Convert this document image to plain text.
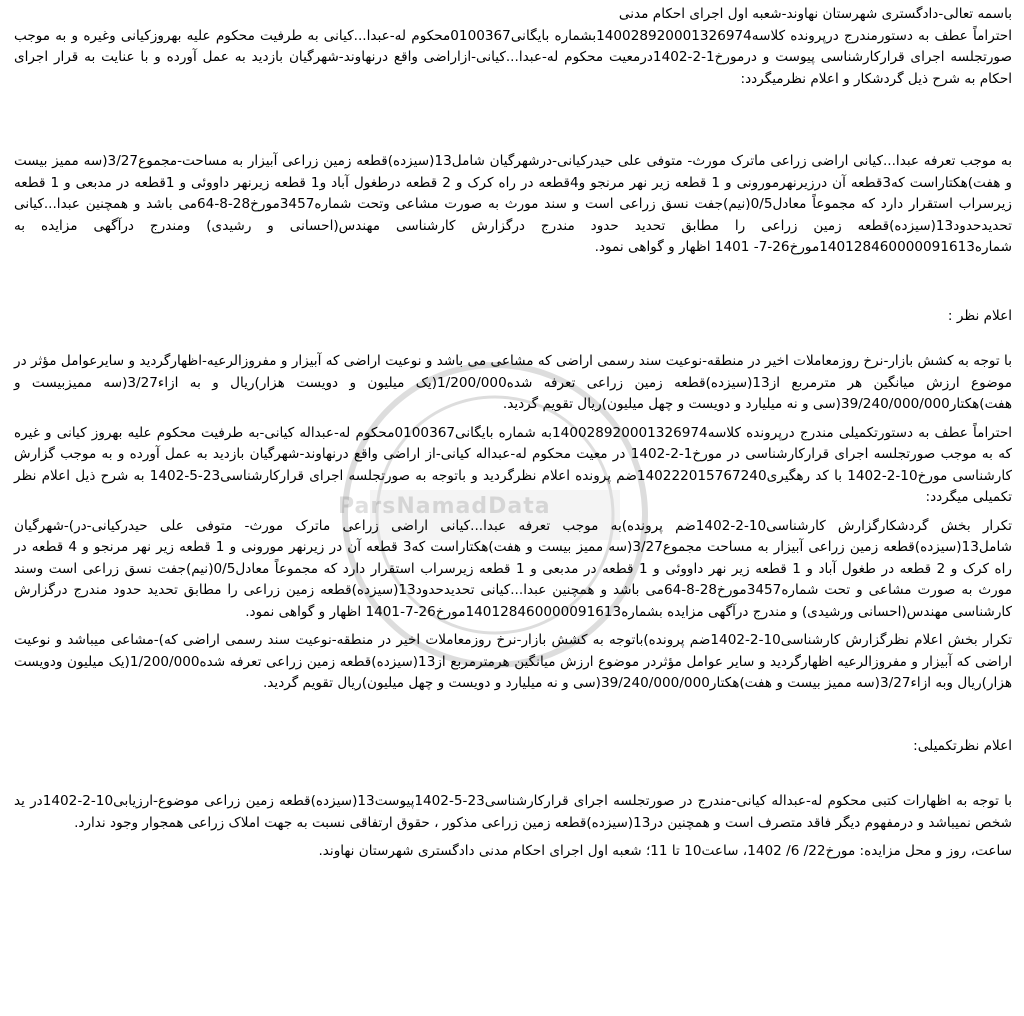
باسمه تعالی-دادگستری شهرستان نهاوند-شعبه اول اجرای احکام مدنی

احتراماً عطف به دستورمندرج درپرونده کلاسه140028920001326974بشماره بایگانی0100367محکوم له-عبدا...کیانی به طرفیت محکوم علیه بهروزکیانی وغیره و به موجب صورتجلسه اجرای قرارکارشناسی پیوست و درمورخ1-2-1402درمعیت محکوم له-عبدا...کیانی-ازاراضی واقع درنهاوند-شهرگیان بازدید به عمل آورده و با عنایت به قرار اجرای احکام به شرح ذیل گردشکار و اعلام نظرمیگردد:

به موجب تعرفه عبدا...کیانی اراضی زراعی ماترک مورث- متوفی علی حیدرکیانی-درشهرگیان شامل13(سیزده)قطعه زمین زراعی آبیزار به مساحت-مجموع3/27(سه ممیز بیست و هفت)هکتاراست که3قطعه آن درزیرنهرمورونی و 1 قطعه زیر نهر مرنجو و4قطعه در راه کرک و 2 قطعه درطغول آباد و1 قطعه زیرنهر داووئی و 1قطعه در مدبعی و 1 قطعه زیرسراب استقرار دارد که مجموعاً معادل0/5(نیم)جفت نسق زراعی است و سند مورث به صورت مشاعی وتحت شماره3457مورخ28-8-64می باشد و همچنین عبدا...کیانی تحدیدحدود13(سیزده)قطعه زمین زراعی را مطابق تحدید حدود مندرج درگزارش کارشناسی مهندس(احسانی و رشیدی) ومندرج درآگهی مزایده به شماره140128460000091613مورخ26-7- 1401 اظهار و گواهی نمود.

اعلام نظر :

با توجه به کشش بازار-نرخ روزمعاملات اخیر در منطقه-نوعیت سند رسمی اراضی که مشاعی می باشد و نوعیت اراضی که آبیزار و مفروزالرعیه-اظهارگردید و سایرعوامل مؤثر در موضوع ارزش میانگین هر مترمربع از13(سیزده)قطعه زمین زراعی تعرفه شده1/200/000(یک میلیون و دویست هزار)ریال و به ازاء3/27(سه ممیزبیست و هفت)هکتار39/240/000/000(سی و نه میلیارد و دویست و چهل میلیون)ریال تقویم گردید.

احتراماً عطف به دستورتکمیلی مندرج درپرونده کلاسه140028920001326974به شماره بایگانی0100367محکوم له-عبداله کیانی-به طرفیت محکوم علیه بهروز کیانی و غیره که به موجب صورتجلسه اجرای قرارکارشناسی در مورخ1-2-1402 در معیت محکوم له-عبداله کیانی-از اراضی واقع درنهاوند-شهرگیان بازدید به عمل آورده و به موجب گزارش کارشناسی مورخ10-2-1402 با کد رهگیری140222015767240ضم پرونده اعلام نظرگردید و باتوجه به صورتجلسه اجرای قرارکارشناسی23-5-1402 به شرح ذیل اعلام نظر تکمیلی میگردد:

تکرار بخش گردشکارگزارش کارشناسی10-2-1402ضم پرونده)به موجب تعرفه عبدا...کیانی اراضی زراعی ماترک مورث- متوفی علی حیدرکیانی-در)-شهرگیان شامل13(سیزده)قطعه زمین زراعی آبیزار به مساحت مجموع3/27(سه ممیز بیست و هفت)هکتاراست که3 قطعه آن در زیرنهر مورونی و 1 قطعه زیر نهر مرنجو و 4 قطعه در راه کرک و 2 قطعه در طغول آباد و 1 قطعه زیر نهر داووئی و 1 قطعه در مدبعی و 1 قطعه زیرسراب استقرار دارد که مجموعاً معادل0/5(نیم)جفت نسق زراعی است وسند مورث به صورت مشاعی و تحت شماره3457مورخ28-8-64می باشد و همچنین عبدا...کیانی تحدیدحدود13(سیزده)قطعه زمین زراعی را مطابق تحدید حدود مندرج درگزارش کارشناسی مهندس(احسانی ورشیدی) و مندرج درآگهی مزایده بشماره140128460000091613مورخ26-7-1401 اظهار و گواهی نمود.

تکرار بخش اعلام نظرگزارش کارشناسی10-2-1402ضم پرونده)باتوجه به کشش بازار-نرخ روزمعاملات اخیر در منطقه-نوعیت سند رسمی اراضی که)-مشاعی میباشد و نوعیت اراضی که آبیزار و مفروزالرعیه اظهارگردید و سایر عوامل مؤثردر موضوع ارزش میانگین هرمترمربع از13(سیزده)قطعه زمین زراعی تعرفه شده1/200/000(یک میلیون ودویست هزار)ریال وبه ازاء3/27(سه ممیز بیست و هفت)هکتار39/240/000/000(سی و نه میلیارد و دویست و چهل میلیون)ریال تقویم گردید.

اعلام نظرتکمیلی:

با توجه به اظهارات کتبی محکوم له-عبداله کیانی-مندرج در صورتجلسه اجرای قرارکارشناسی23-5-1402پیوست13(سیزده)قطعه زمین زراعی موضوع-ارزیابی10-2-1402در ید شخص نمیباشد و درمفهوم دیگر فاقد متصرف است و همچنین در13(سیزده)قطعه زمین زراعی مذکور ، حقوق ارتفاقی نسبت به جهت املاک زراعی همجوار وجود ندارد.

ساعت، روز و محل مزایده: مورخ22/ 6/ 1402، ساعت10 تا 11؛ شعبه اول اجرای احکام مدنی دادگستری شهرستان نهاوند.

ParsNamadData
